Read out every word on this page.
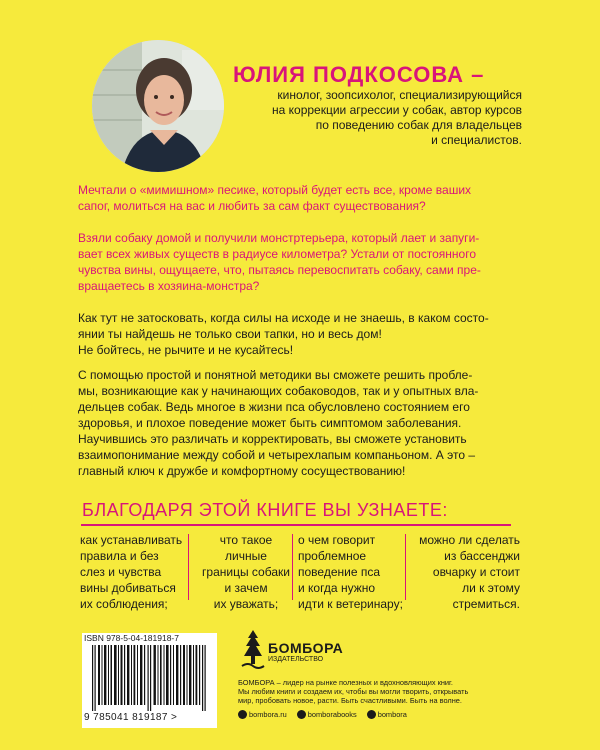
ЮЛИЯ ПОДКОСОВА –
кинолог, зоопсихолог, специализирующийся
на коррекции агрессии у собак, автор курсов
по поведению собак для владельцев
и специалистов.
Мечтали о «мимишном» песике, который будет есть все, кроме ваших
сапог, молиться на вас и любить за сам факт существования?
Взяли собаку домой и получили монстртерьера, который лает и запуги-
вает всех живых существ в радиусе километра? Устали от постоянного
чувства вины, ощущаете, что, пытаясь перевоспитать собаку, сами пре-
вращаетесь в хозяина-монстра?
Как тут не затосковать, когда силы на исходе и не знаешь, в каком состо-
янии ты найдешь не только свои тапки, но и весь дом!
Не бойтесь, не рычите и не кусайтесь!
С помощью простой и понятной методики вы сможете решить пробле-
мы, возникающие как у начинающих собаководов, так и у опытных вла-
дельцев собак. Ведь многое в жизни пса обусловлено состоянием его
здоровья, и плохое поведение может быть симптомом заболевания.
Научившись это различать и корректировать, вы сможете установить
взаимопонимание между собой и четырехлапым компаньоном. А это –
главный ключ к дружбе и комфортному сосуществованию!
БЛАГОДАРЯ ЭТОЙ КНИГЕ ВЫ УЗНАЕТЕ:
как устанавливать
правила и без
слез и чувства
вины добиваться
их соблюдения;
что такое
личные
границы собаки
и зачем
их уважать;
о чем говорит
проблемное
поведение пса
и когда нужно
идти к ветеринару;
можно ли сделать
из бассенджи
овчарку и стоит
ли к этому
стремиться.
ISBN 978-5-04-181918-7
9 785041 819187 >
БОМБОРА
ИЗДАТЕЛЬСТВО
БОМБОРА – лидер на рынке полезных и вдохновляющих книг.
Мы любим книги и создаем их, чтобы вы могли творить, открывать
мир, пробовать новое, расти. Быть счастливыми. Быть на волне.
bombora.ru	bomborabooks	bombora
